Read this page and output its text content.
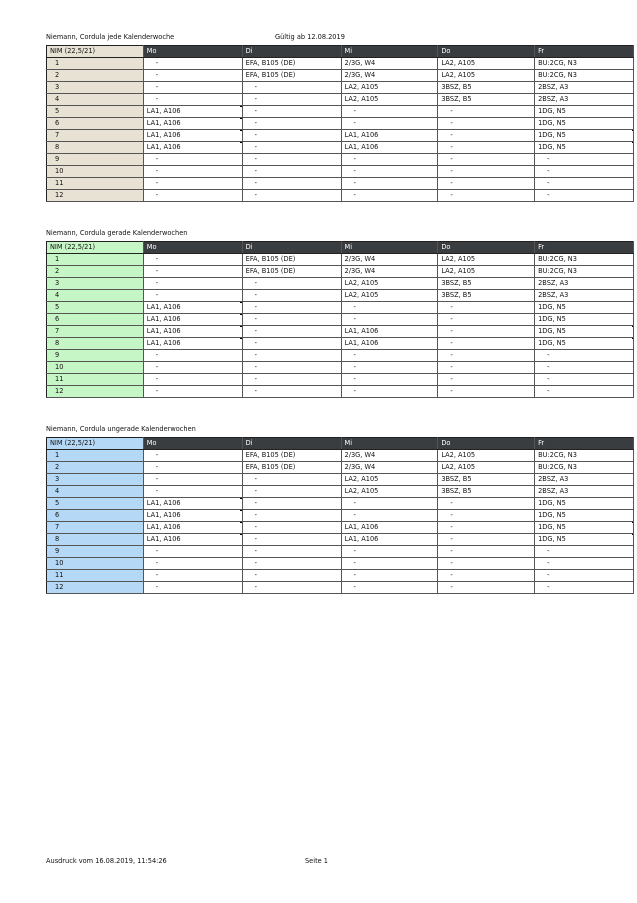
Niemann, Cordula jede Kalenderwoche	Gültig ab 12.08.2019
NIM (22,5/21)	Mo	Di	Mi	Do	Fr
1	-	EFA, B105 (DE)	2/3G, W4	LA2, A105	BU:2CG, N3
2	-	EFA, B105 (DE)	2/3G, W4	LA2, A105	BU:2CG, N3
3	-	-	LA2, A105	3BSZ, B5	2BSZ, A3
4	-	-	LA2, A105	3BSZ, B5	2BSZ, A3
5	LA1, A106	-	-	-	1DG, N5
6	LA1, A106	-	-	-	1DG, N5
7	LA1, A106	-	LA1, A106	-	1DG, N5

8	LA1, A106	-	LA1, A106	-	1DG, N5

9	-	-	-	-	-
10	-	-	-	-	-
11	-	-	-	-	-
12	-	-	-	-	-
Niemann, Cordula gerade Kalenderwochen
NIM (22,5/21)	Mo	Di	Mi	Do	Fr
1	-	EFA, B105 (DE)	2/3G, W4	LA2, A105	BU:2CG, N3
2	-	EFA, B105 (DE)	2/3G, W4	LA2, A105	BU:2CG, N3
3	-	-	LA2, A105	3BSZ, B5	2BSZ, A3
4	-	-	LA2, A105	3BSZ, B5	2BSZ, A3
5	LA1, A106	-	-	-	1DG, N5
6	LA1, A106	-	-	-	1DG, N5
7	LA1, A106	-	LA1, A106	-	1DG, N5

8	LA1, A106	-	LA1, A106	-	1DG, N5

9	-	-	-	-	-
10	-	-	-	-	-
11	-	-	-	-	-
12	-	-	-	-	-
Niemann, Cordula ungerade Kalenderwochen
NIM (22,5/21)	Mo	Di	Mi	Do	Fr
1	-	EFA, B105 (DE)	2/3G, W4	LA2, A105	BU:2CG, N3
2	-	EFA, B105 (DE)	2/3G, W4	LA2, A105	BU:2CG, N3
3	-	-	LA2, A105	3BSZ, B5	2BSZ, A3
4	-	-	LA2, A105	3BSZ, B5	2BSZ, A3
5	LA1, A106	-	-	-	1DG, N5
6	LA1, A106	-	-	-	1DG, N5
7	LA1, A106	-	LA1, A106	-	1DG, N5

8	LA1, A106	-	LA1, A106	-	1DG, N5

9	-	-	-	-	-
10	-	-	-	-	-
11	-	-	-	-	-
12	-	-	-	-	-
Ausdruck vom 16.08.2019, 11:54:26	Seite 1
